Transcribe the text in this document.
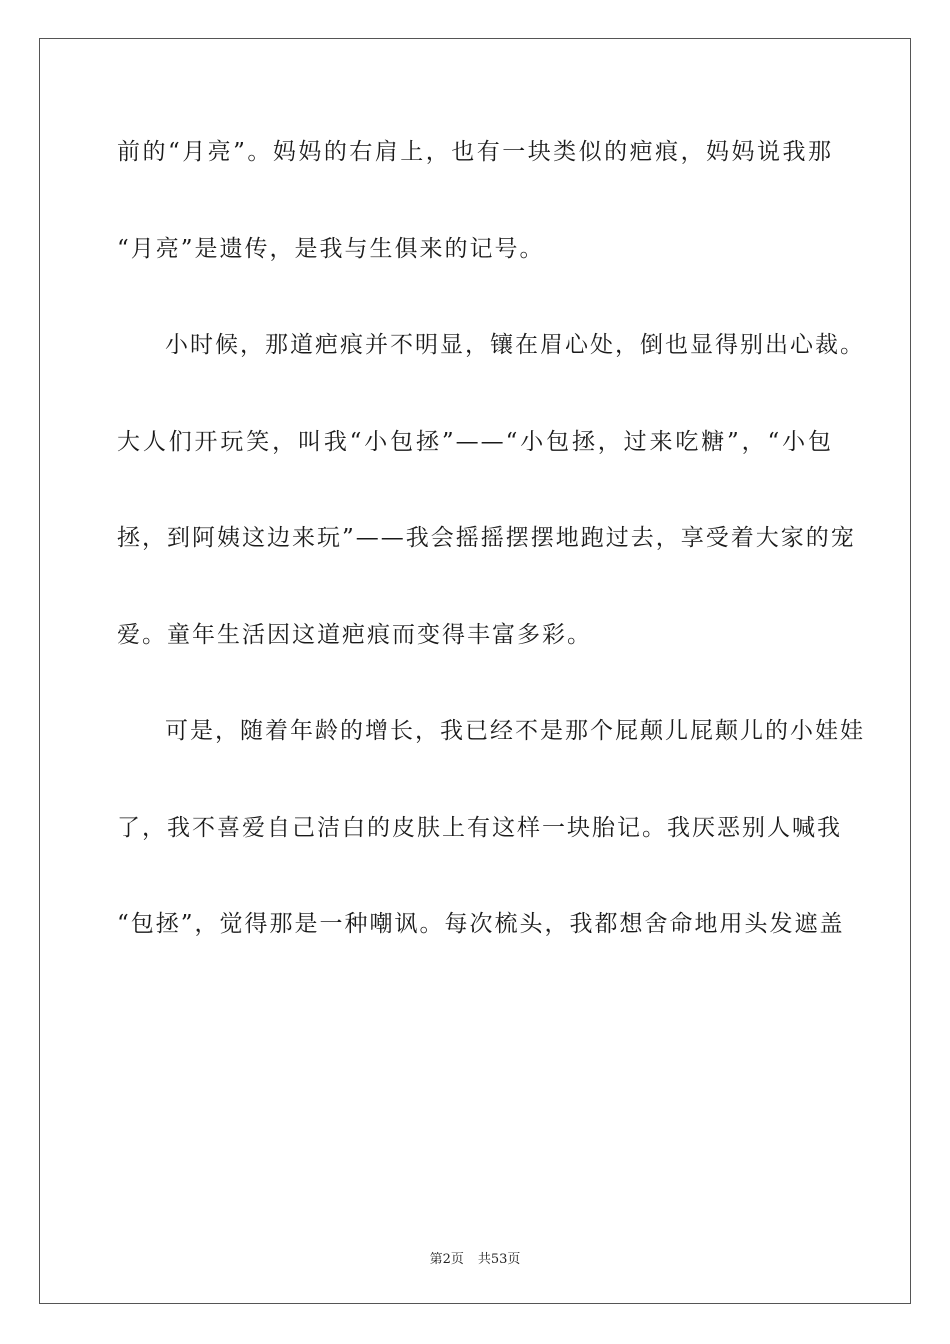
前的“月亮”。妈妈的右肩上，也有一块类似的疤痕，妈妈说我那
“月亮”是遗传，是我与生俱来的记号。
小时候，那道疤痕并不明显，镶在眉心处，倒也显得别出心裁。
大人们开玩笑，叫我“小包拯”——“小包拯，过来吃糖”，“小包
拯，到阿姨这边来玩”——我会摇摇摆摆地跑过去，享受着大家的宠
爱。童年生活因这道疤痕而变得丰富多彩。
可是，随着年龄的增长，我已经不是那个屁颠儿屁颠儿的小娃娃
了，我不喜爱自己洁白的皮肤上有这样一块胎记。我厌恶别人喊我
“包拯”，觉得那是一种嘲讽。每次梳头，我都想舍命地用头发遮盖
第2页 共53页
